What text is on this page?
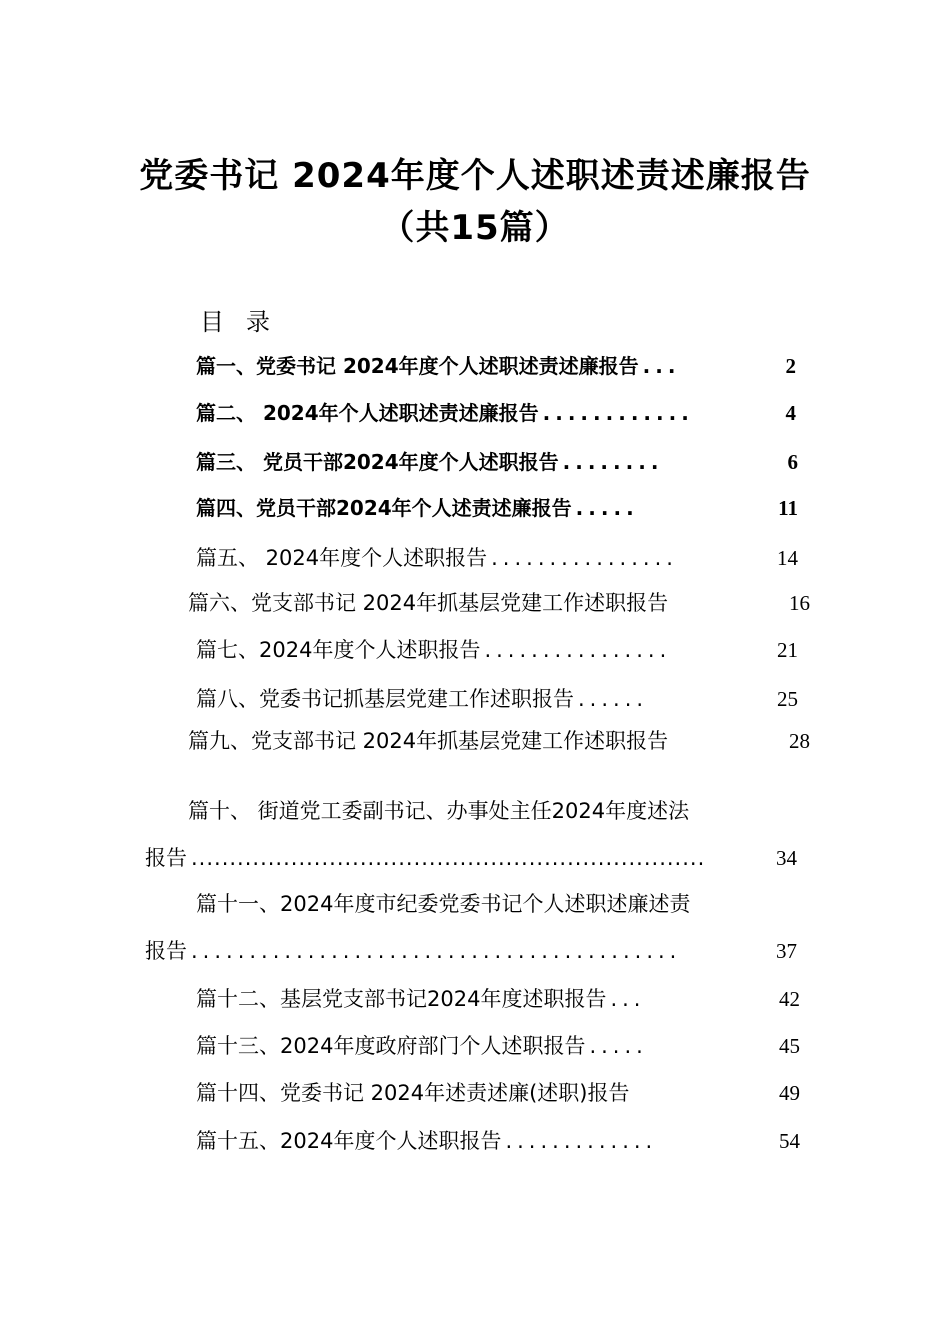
党委书记 2024年度个人述职述责述廉报告
（共15篇）
目录
篇一、党委书记 2024年度个人述职述责述廉报告 ...	2
篇二、 2024年个人述职述责述廉报告 ............	4
篇三、 党员干部2024年度个人述职报告 ........	6
篇四、党员干部2024年个人述责述廉报告 .....	11
篇五、 2024年度个人述职报告 ................	14
篇六、党支部书记 2024年抓基层党建工作述职报告	16
篇七、2024年度个人述职报告 ................	21
篇八、党委书记抓基层党建工作述职报告 ......	25
篇九、党支部书记 2024年抓基层党建工作述职报告	28
篇十、 街道党工委副书记、办事处主任2024年度述法
报告 ...................................................................	34
篇十一、2024年度市纪委党委书记个人述职述廉述责
报告 ..........................................	37
篇十二、基层党支部书记2024年度述职报告 ...	42
篇十三、2024年度政府部门个人述职报告 .....	45
篇十四、党委书记 2024年述责述廉(述职)报告	49
篇十五、2024年度个人述职报告 .............	54
